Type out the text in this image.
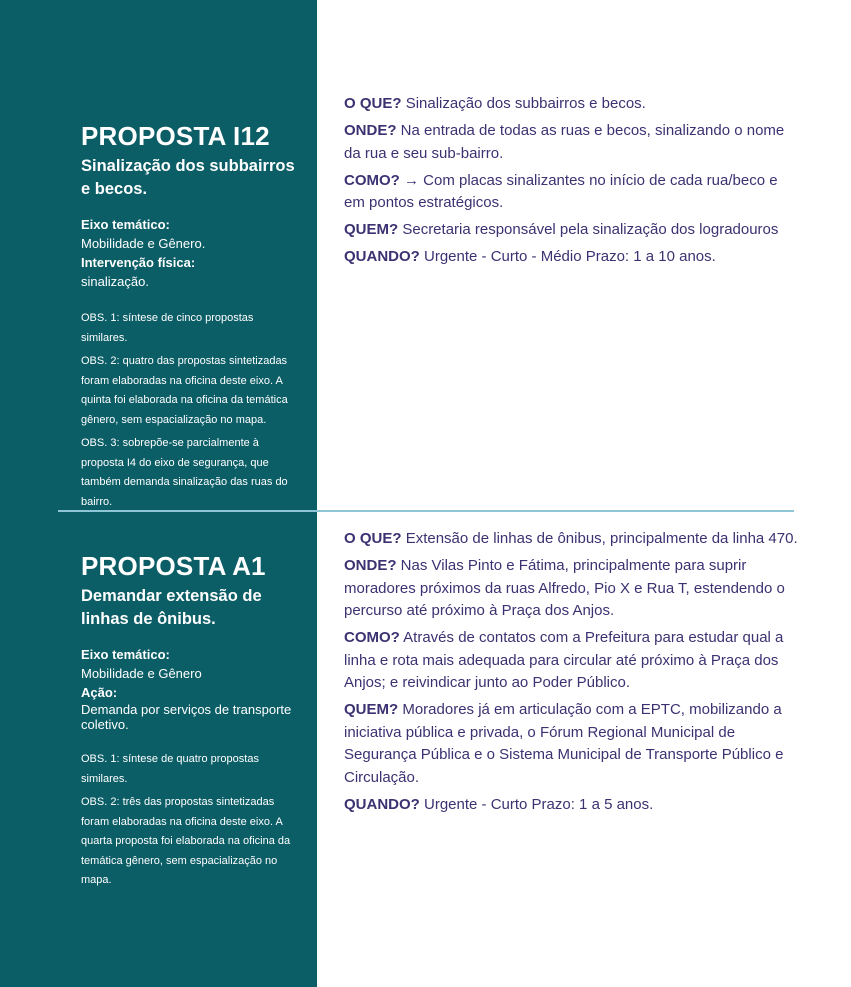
PROPOSTA I12
Sinalização dos subbairros e becos.
Eixo temático:
Mobilidade e Gênero.
Intervenção física:
sinalização.

OBS. 1: síntese de cinco propostas similares.

OBS. 2: quatro das propostas sintetizadas foram elaboradas na oficina deste eixo. A quinta foi elaborada na oficina da temática gênero, sem espacialização no mapa.

OBS. 3: sobrepõe-se parcialmente à proposta I4 do eixo de segurança, que também demanda sinalização das ruas do bairro.

O QUE? Sinalização dos subbairros e becos.

ONDE? Na entrada de todas as ruas e becos, sinalizando o nome da rua e seu sub-bairro.

COMO? → Com placas sinalizantes no início de cada rua/beco e em pontos estratégicos.

QUEM? Secretaria responsável pela sinalização dos logradouros

QUANDO? Urgente - Curto - Médio Prazo: 1 a 10 anos.

PROPOSTA A1
Demandar extensão de linhas de ônibus.
Eixo temático:
Mobilidade e Gênero
Ação:
Demanda por serviços de transporte coletivo.

OBS. 1: síntese de quatro propostas similares.

OBS. 2: três das propostas sintetizadas foram elaboradas na oficina deste eixo. A quarta proposta foi elaborada na oficina da temática gênero, sem espacialização no mapa.

O QUE? Extensão de linhas de ônibus, principalmente da linha 470.

ONDE? Nas Vilas Pinto e Fátima, principalmente para suprir moradores próximos da ruas Alfredo, Pio X e Rua T, estendendo o percurso até próximo à Praça dos Anjos.

COMO? Através de contatos com a Prefeitura para estudar qual a linha e rota mais adequada para circular até próximo à Praça dos Anjos; e reivindicar junto ao Poder Público.

QUEM? Moradores já em articulação com a EPTC, mobilizando a iniciativa pública e privada, o Fórum Regional Municipal de Segurança Pública e o Sistema Municipal de Transporte Público e Circulação.

QUANDO? Urgente - Curto Prazo: 1 a 5 anos.
